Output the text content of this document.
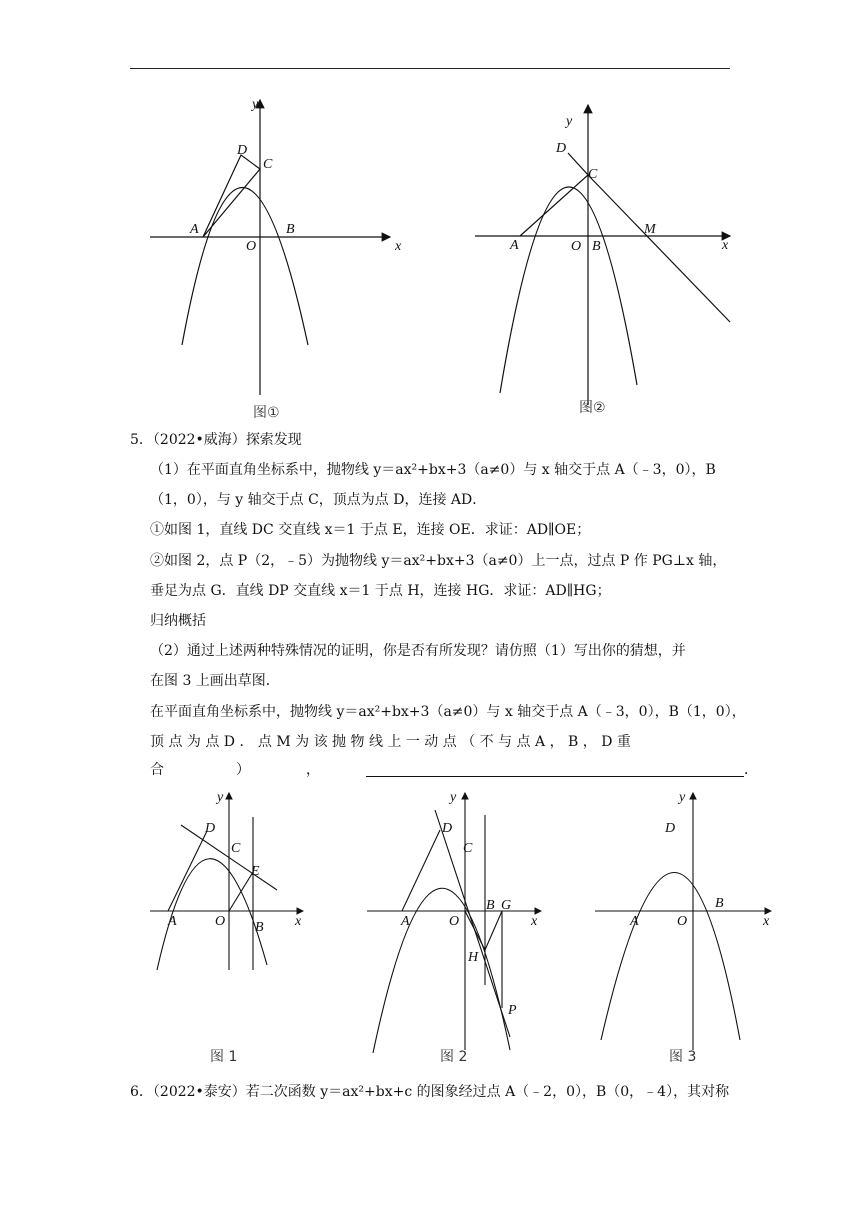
y
x
D
C
A
O
B
图①
y
x
D
C
A	O B
M
图②
5．（2022•威海）探索发现
（1）在平面直角坐标系中，抛物线 y＝ax²+bx+3（a≠0）与 x 轴交于点 A（﹣3，0），B
（1，0），与 y 轴交于点 C，顶点为点 D，连接 AD．
①如图 1，直线 DC 交直线 x＝1 于点 E，连接 OE．求证：AD∥OE；
②如图 2，点 P（2，﹣5）为抛物线 y＝ax²+bx+3（a≠0）上一点，过点 P 作 PG⊥x 轴，
垂足为点 G．直线 DP 交直线 x＝1 于点 H，连接 HG．求证：AD∥HG；
归纳概括
（2）通过上述两种特殊情况的证明，你是否有所发现？请仿照（1）写出你的猜想，并
在图 3 上画出草图．
在平面直角坐标系中，抛物线 y＝ax²+bx+3（a≠0）与 x 轴交于点 A（﹣3，0），B（1，0），
顶 点 为 点 D ． 点 M 为 该 抛 物 线 上 一 动 点 （ 不 与 点 A ， B ， D 重
合	）	，	．
y
x
D
C
E
A	O B
图 1
y
x
D
C
A	O
B G
H
P
图 2
y
x
D
A	O
B
图 3
6．（2022•泰安）若二次函数 y＝ax²+bx+c 的图象经过点 A（﹣2，0），B（0，﹣4），其对称
